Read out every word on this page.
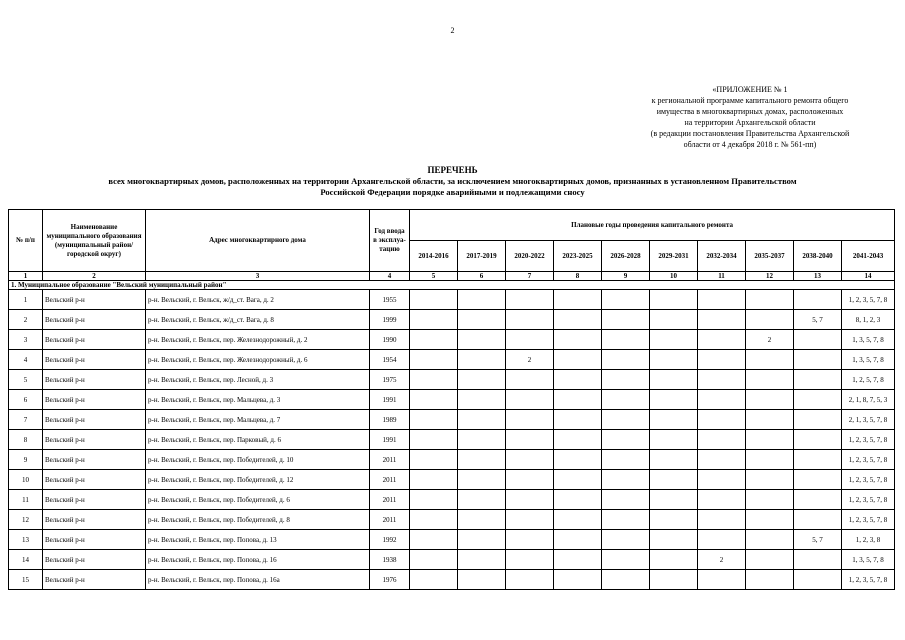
2
«ПРИЛОЖЕНИЕ № 1
к региональной программе капитального ремонта общего
имущества в многоквартирных домах, расположенных
на территории Архангельской области
(в редакции постановления Правительства Архангельской
области от 4 декабря 2018 г. № 561-пп)
ПЕРЕЧЕНЬ
всех многоквартирных домов, расположенных на территории Архангельской области, за исключением многоквартирных домов, признанных в установленном Правительством
Российской Федерации порядке аварийными и подлежащими сносу
№ п/п	Наименование муниципального образования (муниципальный район/городской округ)	Адрес многоквартирного дома	Год ввода в эксплуа-тацию	Плановые годы проведения капитального ремонта									
				2014-2016	2017-2019	2020-2022	2023-2025	2026-2028	2029-2031	2032-2034	2035-2037	2038-2040	2041-2043
1	2	3	4	5	6	7	8	9	10	11	12	13	14
1. Муниципальное образование "Вельский муниципальный район"													
1	Вельский р-н	р-н. Вельский, г. Вельск, ж/д_ст. Вага, д. 2	1955										1, 2, 3, 5, 7, 8
2	Вельский р-н	р-н. Вельский, г. Вельск, ж/д_ст. Вага, д. 8	1999									5, 7	8, 1, 2, 3
3	Вельский р-н	р-н. Вельский, г. Вельск, пер. Железнодорожный, д. 2	1990								2		1, 3, 5, 7, 8
4	Вельский р-н	р-н. Вельский, г. Вельск, пер. Железнодорожный, д. 6	1954			2							1, 3, 5, 7, 8
5	Вельский р-н	р-н. Вельский, г. Вельск, пер. Лесной, д. 3	1975										1, 2, 5, 7, 8
6	Вельский р-н	р-н. Вельский, г. Вельск, пер. Мальцева, д. 3	1991										2, 1, 8, 7, 5, 3
7	Вельский р-н	р-н. Вельский, г. Вельск, пер. Мальцева, д. 7	1989										2, 1, 3, 5, 7, 8
8	Вельский р-н	р-н. Вельский, г. Вельск, пер. Парковый, д. 6	1991										1, 2, 3, 5, 7, 8
9	Вельский р-н	р-н. Вельский, г. Вельск, пер. Победителей, д. 10	2011										1, 2, 3, 5, 7, 8
10	Вельский р-н	р-н. Вельский, г. Вельск, пер. Победителей, д. 12	2011										1, 2, 3, 5, 7, 8
11	Вельский р-н	р-н. Вельский, г. Вельск, пер. Победителей, д. 6	2011										1, 2, 3, 5, 7, 8
12	Вельский р-н	р-н. Вельский, г. Вельск, пер. Победителей, д. 8	2011										1, 2, 3, 5, 7, 8
13	Вельский р-н	р-н. Вельский, г. Вельск, пер. Попова, д. 13	1992									5, 7	1, 2, 3, 8
14	Вельский р-н	р-н. Вельский, г. Вельск, пер. Попова, д. 16	1938							2			1, 3, 5, 7, 8
15	Вельский р-н	р-н. Вельский, г. Вельск, пер. Попова, д. 16а	1976										1, 2, 3, 5, 7, 8
